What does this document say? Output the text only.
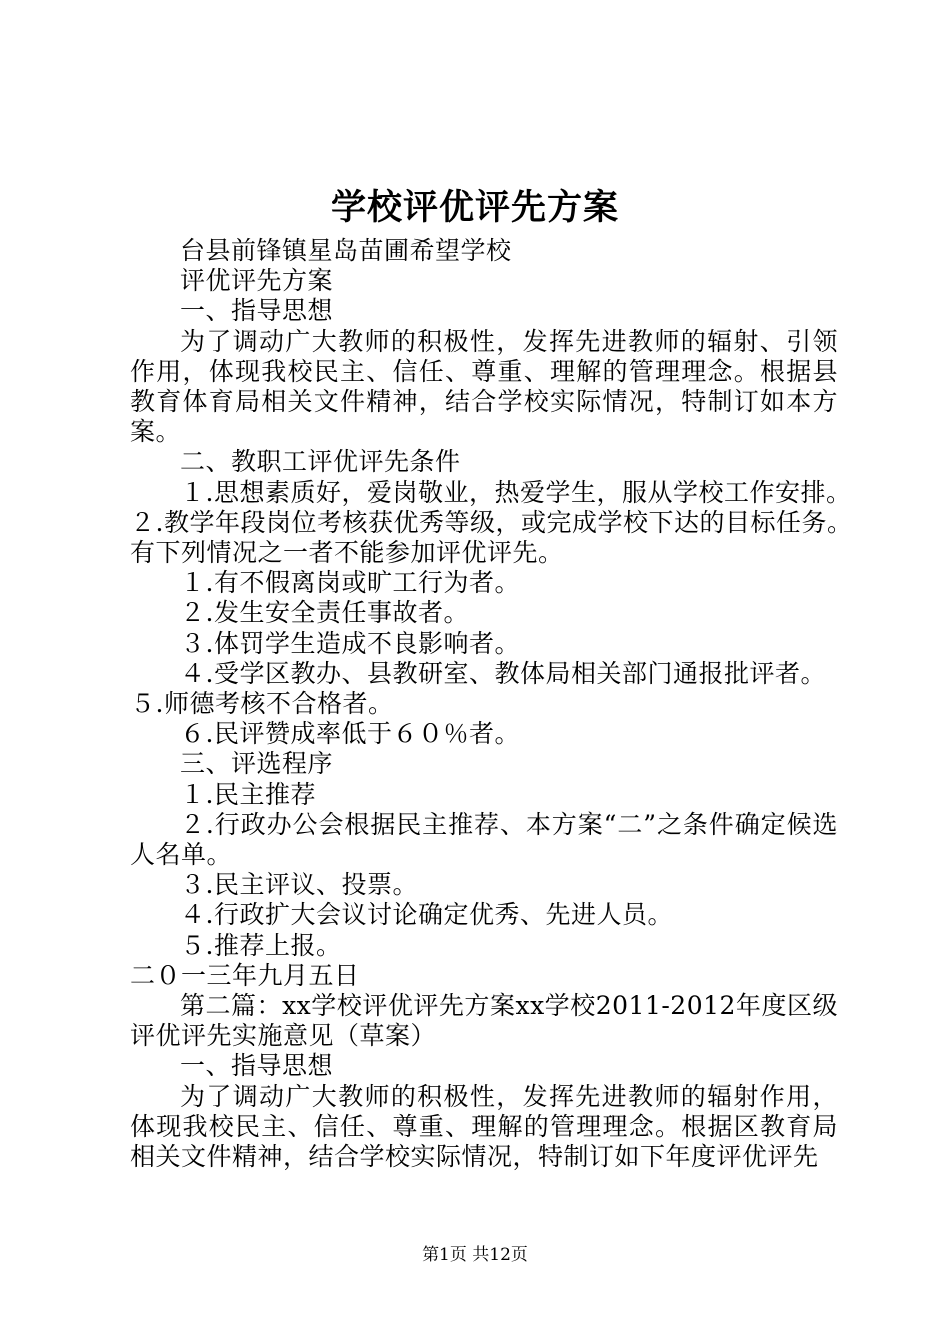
学校评优评先方案

台县前锋镇星岛苗圃希望学校

评优评先方案

一、指导思想

为了调动广大教师的积极性，发挥先进教师的辐射、引领作用，体现我校民主、信任、尊重、理解的管理理念。根据县教育体育局相关文件精神，结合学校实际情况，特制订如本方案。

二、教职工评优评先条件

１.思想素质好，爱岗敬业，热爱学生，服从学校工作安排。

２.教学年段岗位考核获优秀等级，或完成学校下达的目标任务。

有下列情况之一者不能参加评优评先。

１.有不假离岗或旷工行为者。

２.发生安全责任事故者。

３.体罚学生造成不良影响者。

４.受学区教办、县教研室、教体局相关部门通报批评者。

５.师德考核不合格者。

６.民评赞成率低于６０％者。

三、评选程序

１.民主推荐

２.行政办公会根据民主推荐、本方案“二”之条件确定候选人名单。

３.民主评议、投票。

４.行政扩大会议讨论确定优秀、先进人员。

５.推荐上报。

二０一三年九月五日

第二篇：xx学校评优评先方案xx学校2011-2012年度区级评优评先实施意见（草案）

一、指导思想

为了调动广大教师的积极性，发挥先进教师的辐射作用，体现我校民主、信任、尊重、理解的管理理念。根据区教育局相关文件精神，结合学校实际情况，特制订如下年度评优评先

第1页 共12页
